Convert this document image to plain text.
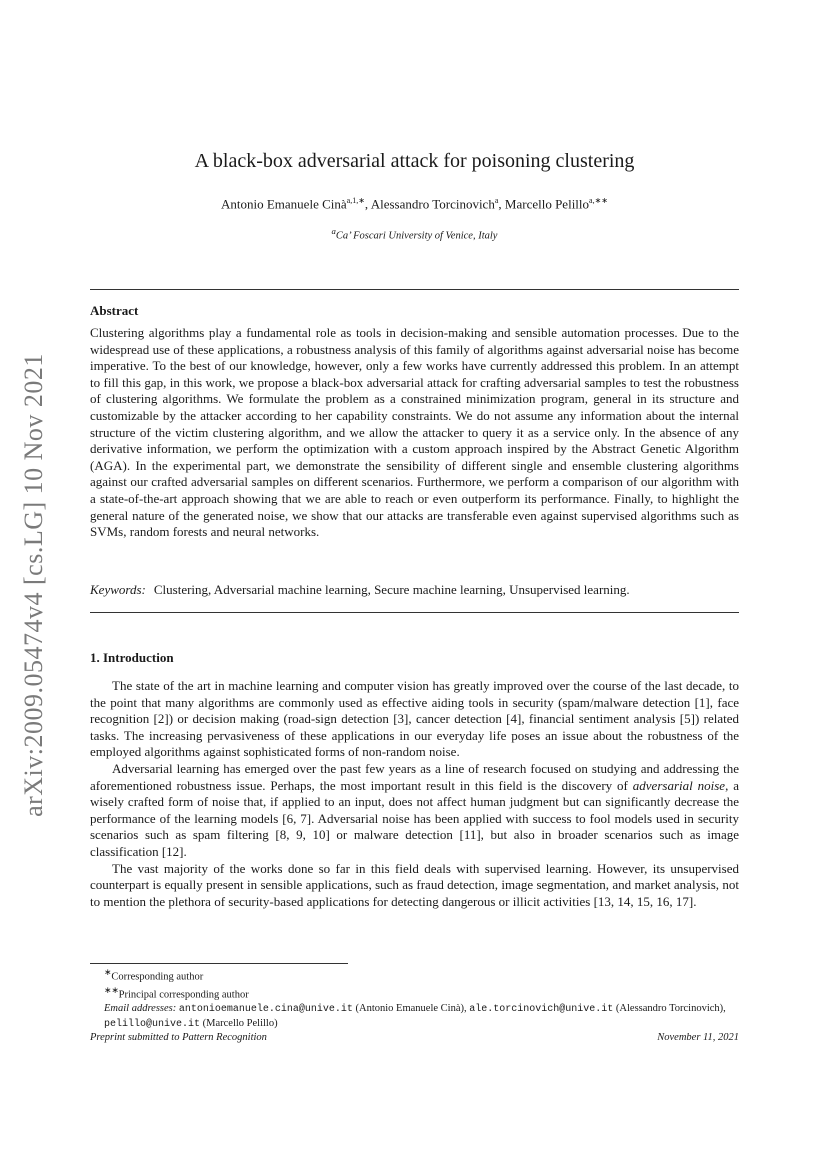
arXiv:2009.05474v4 [cs.LG] 10 Nov 2021
A black-box adversarial attack for poisoning clustering
Antonio Emanuele Cinà$^{a,1,∗}$, Alessandro Torcinovich$^a$, Marcello Pelillo$^{a,∗∗}$
$^a$Ca’ Foscari University of Venice, Italy
Abstract

Clustering algorithms play a fundamental role as tools in decision-making and sensible automation processes. Due to the widespread use of these applications, a robustness analysis of this family of algorithms against adversarial noise has become imperative. To the best of our knowledge, however, only a few works have currently addressed this problem. In an attempt to fill this gap, in this work, we propose a black-box adversarial attack for crafting adversarial samples to test the robustness of clustering algorithms. We formulate the problem as a constrained minimization program, general in its structure and customizable by the attacker according to her capability constraints. We do not assume any information about the internal structure of the victim clustering algorithm, and we allow the attacker to query it as a service only. In the absence of any derivative information, we perform the optimization with a custom approach inspired by the Abstract Genetic Algorithm (AGA). In the experimental part, we demonstrate the sensibility of different single and ensemble clustering algorithms against our crafted adversarial samples on different scenarios. Furthermore, we perform a comparison of our algorithm with a state-of-the-art approach showing that we are able to reach or even outperform its performance. Finally, to highlight the general nature of the generated noise, we show that our attacks are transferable even against supervised algorithms such as SVMs, random forests and neural networks.

Keywords: Clustering, Adversarial machine learning, Secure machine learning, Unsupervised learning.
1. Introduction

The state of the art in machine learning and computer vision has greatly improved over the course of the last decade, to the point that many algorithms are commonly used as effective aiding tools in security (spam/malware detection [1], face recognition [2]) or decision making (road-sign detection [3], cancer detection [4], financial sentiment analysis [5]) related tasks. The increasing pervasiveness of these applications in our everyday life poses an issue about the robustness of the employed algorithms against sophisticated forms of non-random noise.

Adversarial learning has emerged over the past few years as a line of research focused on studying and addressing the aforementioned robustness issue. Perhaps, the most important result in this field is the discovery of adversarial noise, a wisely crafted form of noise that, if applied to an input, does not affect human judgment but can significantly decrease the performance of the learning models [6, 7]. Adversarial noise has been applied with success to fool models used in security scenarios such as spam filtering [8, 9, 10] or malware detection [11], but also in broader scenarios such as image classification [12].

The vast majority of the works done so far in this field deals with supervised learning. However, its unsupervised counterpart is equally present in sensible applications, such as fraud detection, image segmentation, and market analysis, not to mention the plethora of security-based applications for detecting dangerous or illicit activities [13, 14, 15, 16, 17].

∗Corresponding author

∗∗Principal corresponding author

Email addresses: antonioemanuele.cina@unive.it (Antonio Emanuele Cinà), ale.torcinovich@unive.it (Alessandro Torcinovich), pelillo@unive.it (Marcello Pelillo)

Preprint submitted to Pattern Recognition	November 11, 2021
